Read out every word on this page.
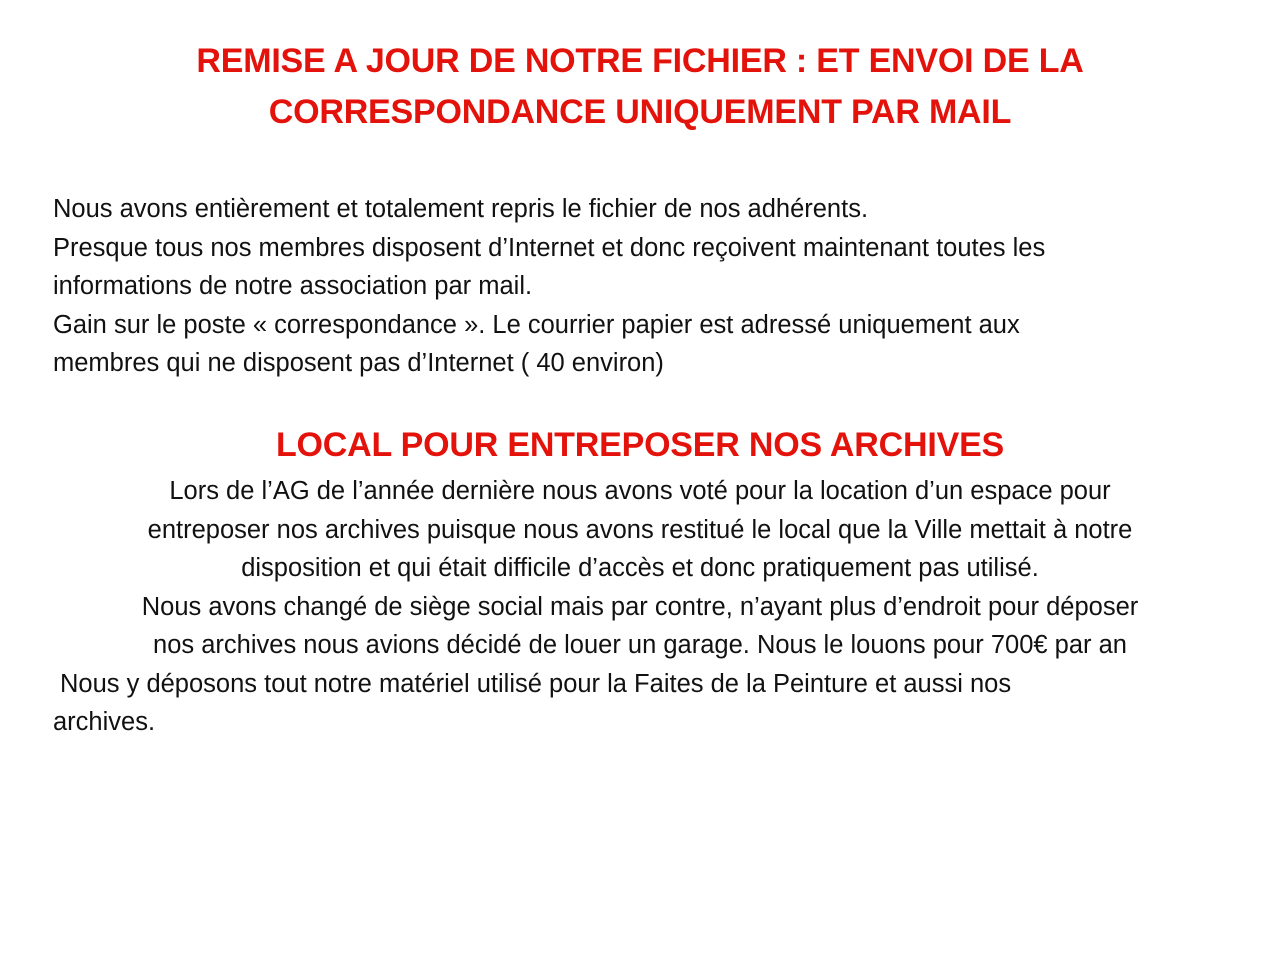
REMISE A JOUR DE NOTRE FICHIER : ET ENVOI DE LA
CORRESPONDANCE UNIQUEMENT PAR MAIL
Nous avons entièrement et totalement repris le fichier de nos adhérents.
Presque tous nos membres disposent d’Internet et donc reçoivent maintenant toutes les
informations de notre association par mail.
Gain sur le poste « correspondance ». Le courrier papier est adressé uniquement aux
membres qui ne disposent pas d’Internet ( 40 environ)
LOCAL POUR ENTREPOSER NOS ARCHIVES
Lors de l’AG de l’année dernière nous avons voté pour la location d’un espace pour
entreposer nos archives puisque nous avons restitué le local que la Ville mettait à notre
disposition et qui était difficile d’accès et donc pratiquement pas utilisé.
Nous avons changé de siège social mais par contre, n’ayant plus d’endroit pour déposer
nos archives nous avions décidé de louer un garage. Nous le louons pour 700€ par an
Nous y déposons tout notre matériel utilisé pour la Faites de la Peinture et aussi nos
archives.
